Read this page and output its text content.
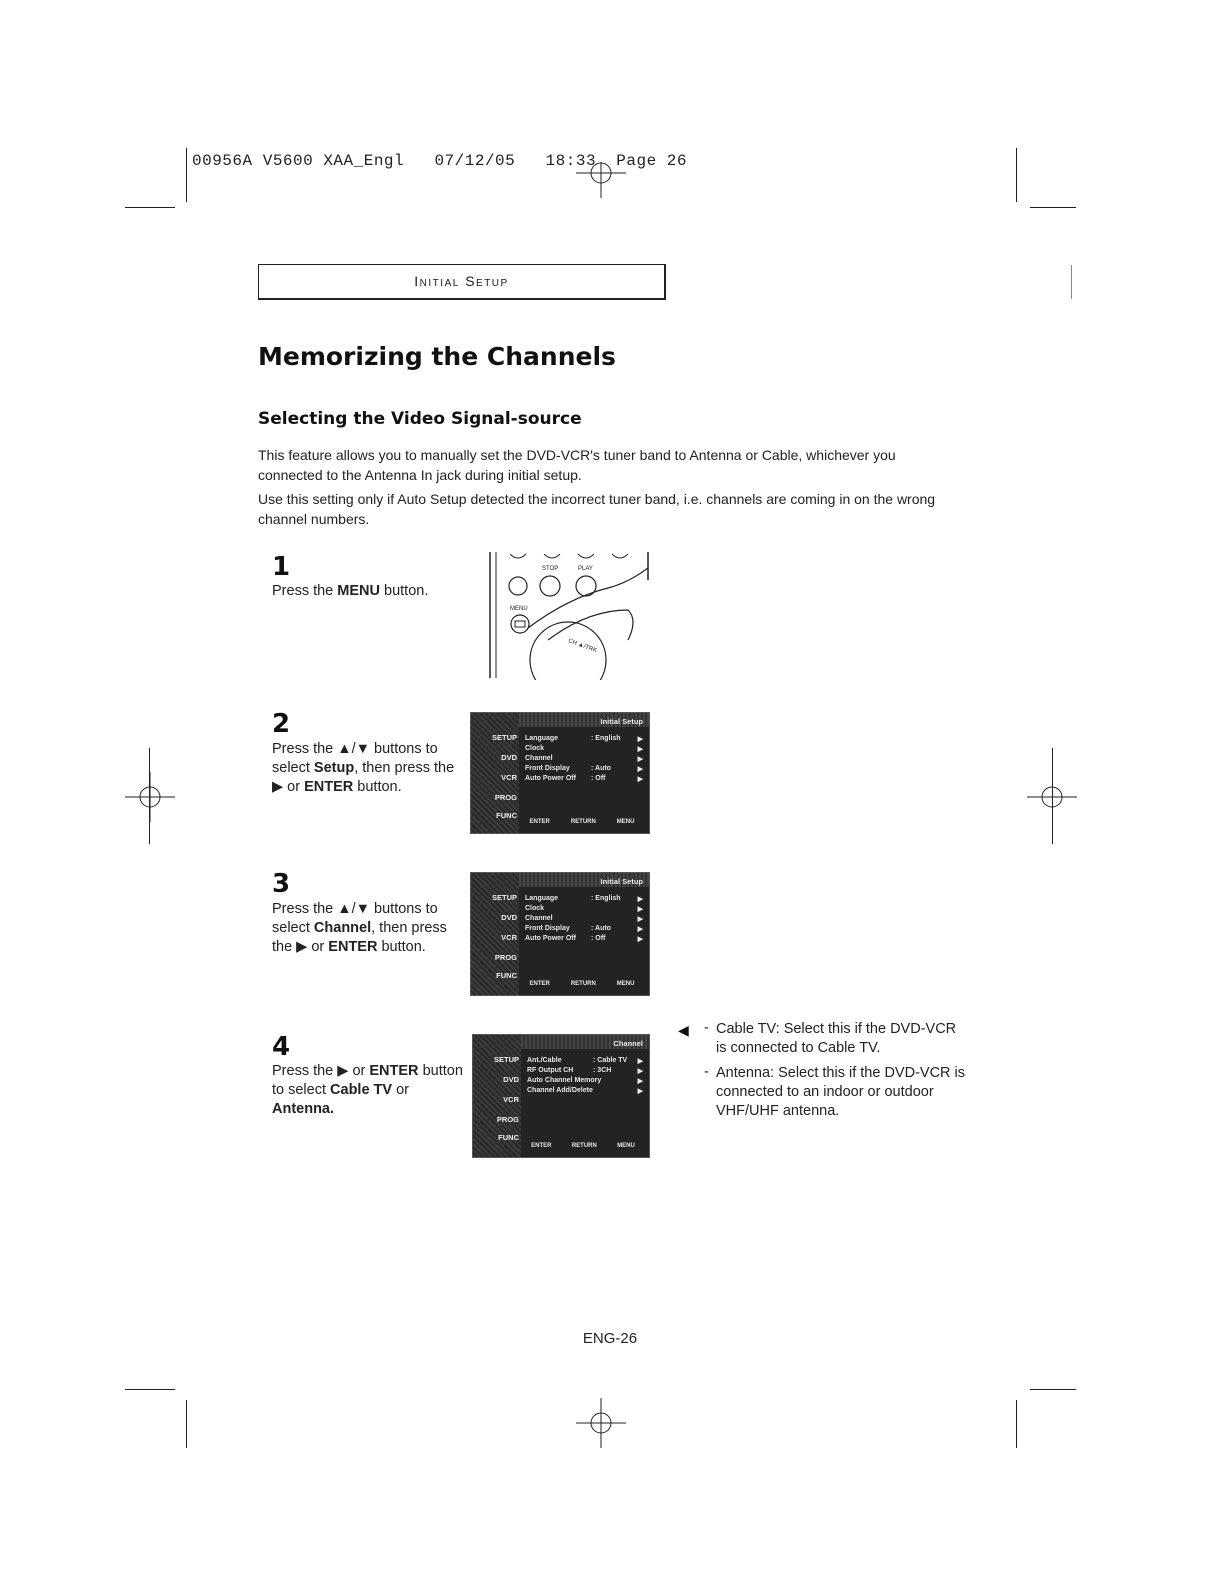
00956A V5600 XAA_Engl   07/12/05   18:33  Page 26
Initial Setup
Memorizing the Channels
Selecting the Video Signal-source
This feature allows you to manually set the DVD-VCR's tuner band to Antenna or Cable, whichever you connected to the Antenna In jack during initial setup.
Use this setting only if Auto Setup detected the incorrect tuner band, i.e. channels are coming in on the wrong channel numbers.
1
Press the MENU button.
STOP	PLAY
MENU
CH ▲/TRK
2
Press the ▲/▼ buttons to select Setup, then press the ▶ or ENTER button.
SETUP
DVD
VCR
PROG
FUNC
Initial Setup
Language	: English ▶
Clock	▶
Channel	▶
Front Display	: Auto	▶
Auto Power Off : Off	▶
ENTER	RETURN	MENU
3
Press the ▲/▼ buttons to select Channel, then press the ▶ or ENTER button.
SETUP
DVD
VCR
PROG
FUNC
Initial Setup
Language	: English ▶
Clock	▶
Channel	▶
Front Display	: Auto	▶
Auto Power Off : Off	▶
ENTER	RETURN	MENU
4
Press the ▶ or ENTER button to select Cable TV or Antenna.
SETUP
DVD
VCR
PROG
FUNC
Channel
Ant./Cable	: Cable TV ▶
RF Output CH	: 3CH	▶
Auto Channel Memory	▶
Channel Add/Delete	▶
ENTER	RETURN	MENU
◀ - Cable TV: Select this if the DVD-VCR is connected to Cable TV.
- Antenna: Select this if the DVD-VCR is connected to an indoor or outdoor VHF/UHF antenna.
ENG-26
